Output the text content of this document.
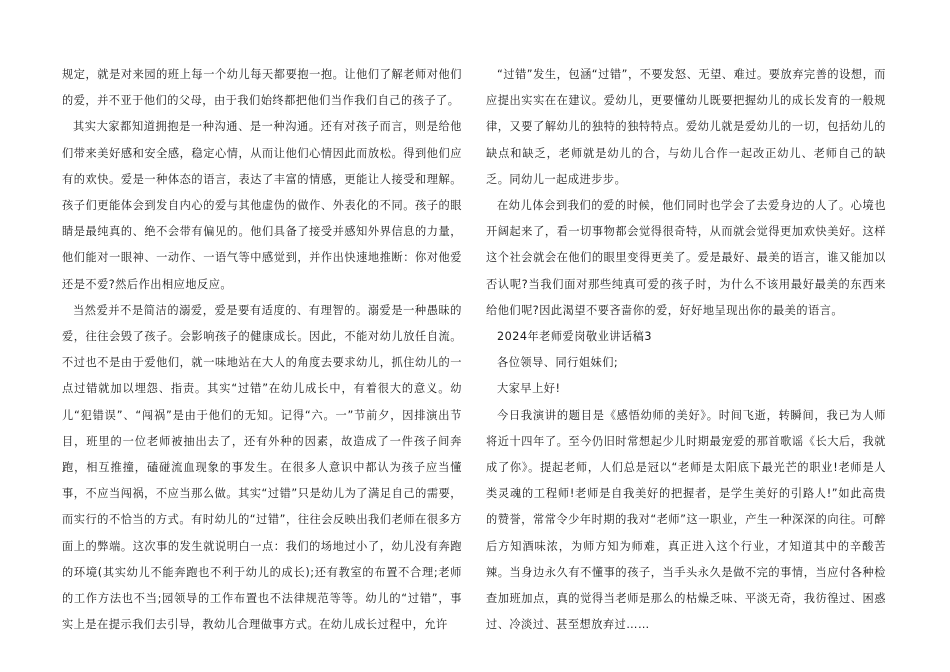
规定，就是对来园的班上每一个幼儿每天都要抱一抱。让他们了解老师对他们的爱，并不亚于他们的父母，由于我们始终都把他们当作我们自己的孩子了。

其实大家都知道拥抱是一种沟通、是一种沟通。还有对孩子而言，则是给他们带来美好感和安全感，稳定心情，从而让他们心情因此而放松。得到他们应有的欢快。爱是一种体态的语言，表达了丰富的情感，更能让人接受和理解。孩子们更能体会到发自内心的爱与其他虚伪的做作、外表化的不同。孩子的眼睛是最纯真的、绝不会带有偏见的。他们具备了接受并感知外界信息的力量，他们能对一眼神、一动作、一语气等中感觉到，并作出快速地推断：你对他爱还是不爱?然后作出相应地反应。

当然爱并不是简洁的溺爱，爱是要有适度的、有理智的。溺爱是一种愚昧的爱，往往会毁了孩子。会影响孩子的健康成长。因此，不能对幼儿放任自流。不过也不是由于爱他们，就一味地站在大人的角度去要求幼儿，抓住幼儿的一点过错就加以埋怨、指责。其实“过错”在幼儿成长中，有着很大的意义。幼儿“犯错误”、“闯祸”是由于他们的无知。记得“六。一”节前夕，因排演出节目，班里的一位老师被抽出去了，还有外种的因素，故造成了一件孩子间奔跑，相互推撞，磕碰流血现象的事发生。在很多人意识中都认为孩子应当懂事，不应当闯祸，不应当那么做。其实“过错”只是幼儿为了满足自己的需要，而实行的不恰当的方式。有时幼儿的“过错”，往往会反映出我们老师在很多方面上的弊端。这次事的发生就说明白一点：我们的场地过小了，幼儿没有奔跑的环境(其实幼儿不能奔跑也不利于幼儿的成长);还有教室的布置不合理;老师的工作方法也不当;园领导的工作布置也不法律规范等等。幼儿的“过错”，事实上是在提示我们去引导，教幼儿合理做事方式。在幼儿成长过程中，允许

“过错”发生，包涵“过错”，不要发怒、无望、难过。要放弃完善的设想，而应提出实实在在建议。爱幼儿，更要懂幼儿既要把握幼儿的成长发育的一般规律，又要了解幼儿的独特的独特特点。爱幼儿就是爱幼儿的一切，包括幼儿的缺点和缺乏，老师就是幼儿的合，与幼儿合作一起改正幼儿、老师自己的缺乏。同幼儿一起成进步步。

在幼儿体会到我们的爱的时候，他们同时也学会了去爱身边的人了。心境也开阔起来了，看一切事物都会觉得很奇特，从而就会觉得更加欢快美好。这样这个社会就会在他们的眼里变得更美了。爱是最好、最美的语言，谁又能加以否认呢?当我们面对那些纯真可爱的孩子时，为什么不该用最好最美的东西来给他们呢?因此渴望不要吝啬你的爱，好好地呈现出你的最美的语言。

2024年老师爱岗敬业讲话稿3

各位领导、同行姐妹们;

大家早上好!

今日我演讲的题目是《感悟幼师的美好》。时间飞逝，转瞬间，我已为人师将近十四年了。至今仍旧时常想起少儿时期最宠爱的那首歌谣《长大后，我就成了你》。提起老师，人们总是冠以“老师是太阳底下最光芒的职业!老师是人类灵魂的工程师!老师是自我美好的把握者，是学生美好的引路人!”如此高贵的赞誉，常常令少年时期的我对“老师”这一职业，产生一种深深的向往。可醉后方知酒味浓，为师方知为师难，真正进入这个行业，才知道其中的辛酸苦辣。当身边永久有不懂事的孩子，当手头永久是做不完的事情，当应付各种检查加班加点，真的觉得当老师是那么的枯燥乏味、平淡无奇，我彷徨过、困惑过、冷淡过、甚至想放弃过……
